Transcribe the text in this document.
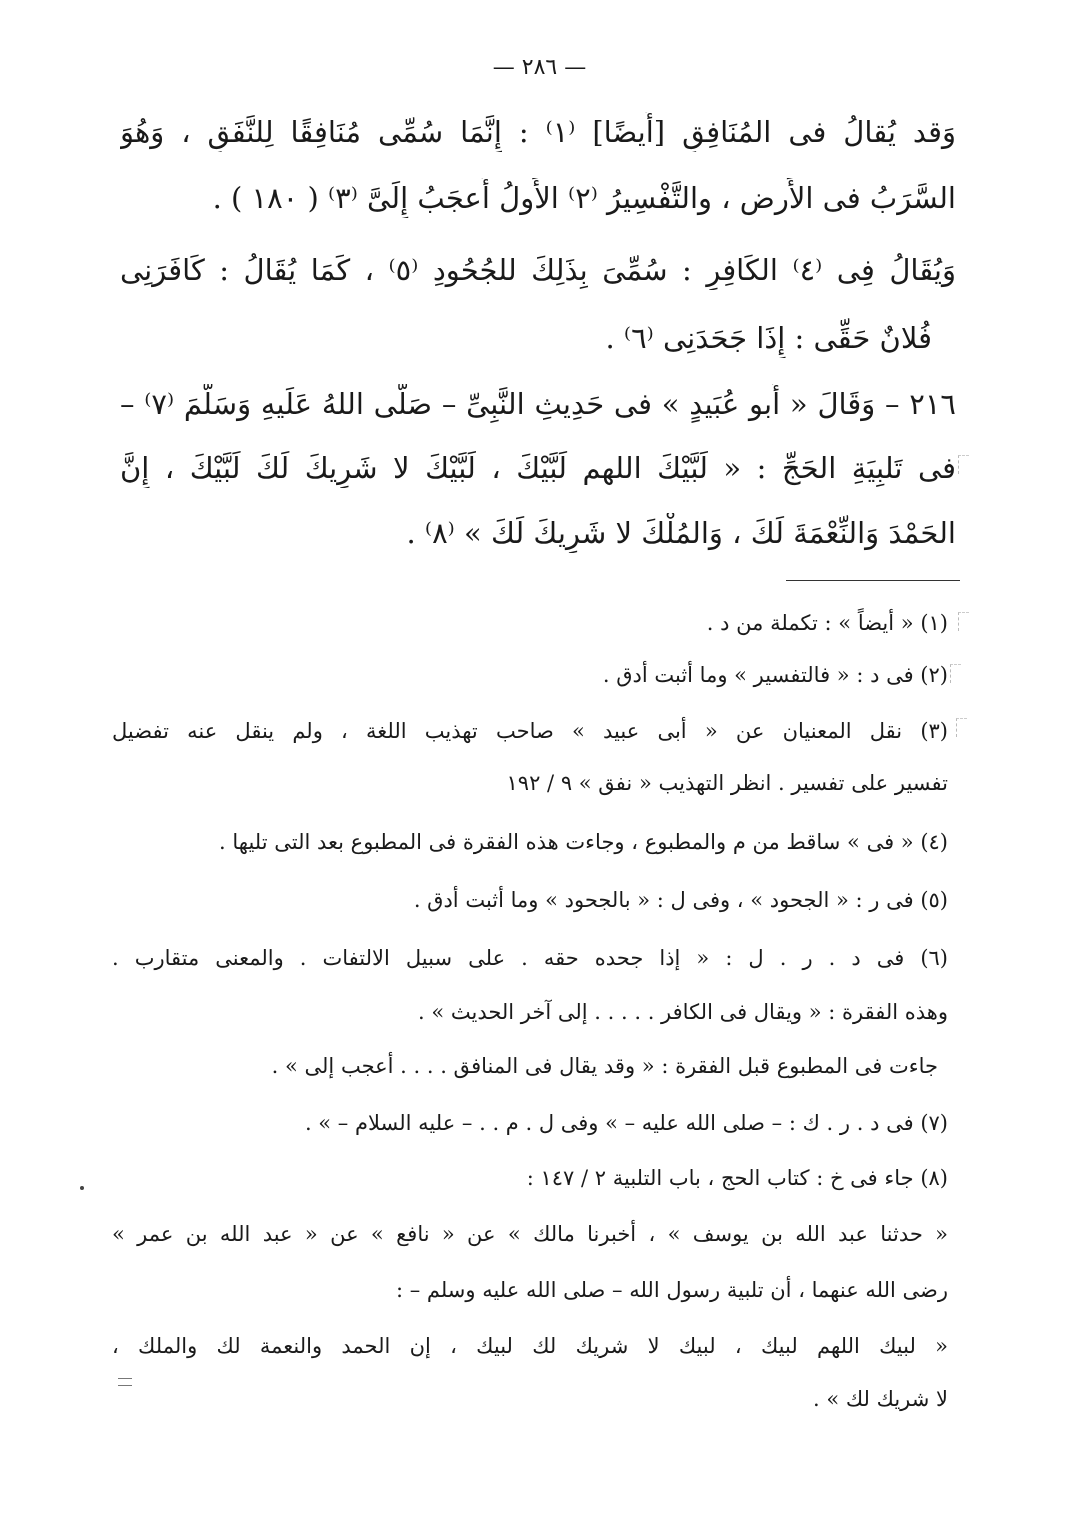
— ٢٨٦ —
وَقد يُقالُ فى المُنَافِقِ [أَيضًا] ⁽١⁾ : إِنَّمَا سُمِّى مُنَافِقًا لِلنَّفَقِ ، وَهُوَ
السَّرَبُ فى الأَرضِ ، والتَّفْسِيرُ ⁽٢⁾ الأَولُ أَعجَبُ إِلَىَّ ⁽٣⁾ ( ١٨٠ ) .
وَيُقَالُ فِى ⁽٤⁾ الكَافِرِ : سُمِّىَ بِذَلِكَ للجُحُودِ ⁽٥⁾ ، كَمَا يُقَالُ : كَافَرَنِى
فُلانٌ حَقِّى : إِذَا جَحَدَنِى ⁽٦⁾ .
٢١٦ – وَقَالَ « أَبو عُبَيدٍ » فى حَدِيثِ النَّبِىِّ – صَلَّى اللهُ عَلَيهِ وَسَلَّمَ ⁽٧⁾ –
فى تَلبِيَةِ الحَجِّ : « لَبَّيْكَ اللهم لَبَّيْكَ ، لَبَّيْكَ لا شَرِيكَ لَكَ لَبَّيْكَ ، إِنَّ
الحَمْدَ وَالنِّعْمَةَ لَكَ ، وَالمُلْكَ لا شَرِيكَ لَكَ » ⁽٨⁾ .
(١) « أيضاً » : تكملة من د .
(٢) فى د : « فالتفسير » وما أثبت أدق .
(٣) نقل المعنيان عن « أبى عبيد » صاحب تهذيب اللغة ، ولم ينقل عنه تفضيل
تفسير على تفسير . انظر التهذيب « نفق » ٩ / ١٩٢
(٤) « فى » ساقط من م والمطبوع ، وجاءت هذه الفقرة فى المطبوع بعد التى تليها .
(٥) فى ر : « الجحود » ، وفى ل : « بالجحود » وما أثبت أدق .
(٦) فى د . ر . ل : « إذا جحده حقه . على سبيل الالتفات . والمعنى متقارب .
وهذه الفقرة : « ويقال فى الكافر . . . . . إلى آخر الحديث » .
جاءت فى المطبوع قبل الفقرة : « وقد يقال فى المنافق . . . . أعجب إلى » .
(٧) فى د . ر . ك : – صلى الله عليه – » وفى ل . م . . – عليه السلام – » .
(٨) جاء فى خ : كتاب الحج ، باب التلبية ٢ / ١٤٧ :
« حدثنا عبد الله بن يوسف » ، أخبرنا مالك » عن « نافع » عن « عبد الله بن عمر »
رضى الله عنهما ، أن تلبية رسول الله – صلى الله عليه وسلم – :
« لبيك اللهم لبيك ، لبيك لا شريك لك لبيك ، إن الحمد والنعمة لك والملك ،
لا شريك لك » .
